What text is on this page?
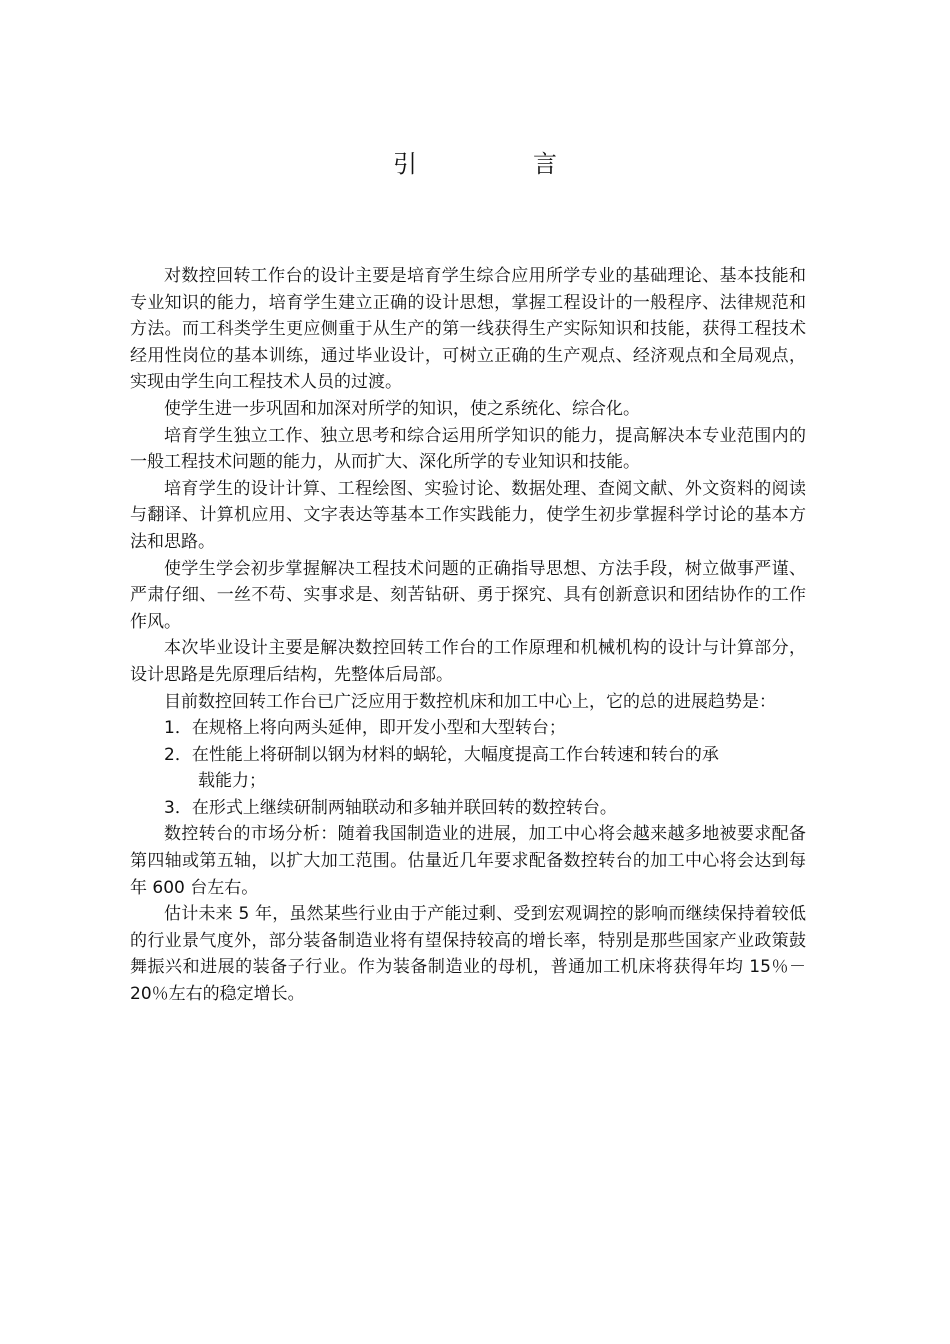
引　言

对数控回转工作台的设计主要是培育学生综合应用所学专业的基础理论、基本技能和专业知识的能力，培育学生建立正确的设计思想，掌握工程设计的一般程序、法律规范和方法。而工科类学生更应侧重于从生产的第一线获得生产实际知识和技能，获得工程技术经用性岗位的基本训练，通过毕业设计，可树立正确的生产观点、经济观点和全局观点，实现由学生向工程技术人员的过渡。

使学生进一步巩固和加深对所学的知识，使之系统化、综合化。

培育学生独立工作、独立思考和综合运用所学知识的能力，提高解决本专业范围内的一般工程技术问题的能力，从而扩大、深化所学的专业知识和技能。

培育学生的设计计算、工程绘图、实验讨论、数据处理、查阅文献、外文资料的阅读与翻译、计算机应用、文字表达等基本工作实践能力，使学生初步掌握科学讨论的基本方法和思路。

使学生学会初步掌握解决工程技术问题的正确指导思想、方法手段，树立做事严谨、严肃仔细、一丝不苟、实事求是、刻苦钻研、勇于探究、具有创新意识和团结协作的工作作风。

本次毕业设计主要是解决数控回转工作台的工作原理和机械机构的设计与计算部分，设计思路是先原理后结构，先整体后局部。

目前数控回转工作台已广泛应用于数控机床和加工中心上，它的总的进展趋势是：

1．在规格上将向两头延伸，即开发小型和大型转台；
2．在性能上将研制以钢为材料的蜗轮，大幅度提高工作台转速和转台的承
载能力；
3．在形式上继续研制两轴联动和多轴并联回转的数控转台。

数控转台的市场分析：随着我国制造业的进展，加工中心将会越来越多地被要求配备第四轴或第五轴，以扩大加工范围。估量近几年要求配备数控转台的加工中心将会达到每年 600 台左右。

估计未来 5 年，虽然某些行业由于产能过剩、受到宏观调控的影响而继续保持着较低的行业景气度外，部分装备制造业将有望保持较高的增长率，特别是那些国家产业政策鼓舞振兴和进展的装备子行业。作为装备制造业的母机，普通加工机床将获得年均 15％－20％左右的稳定增长。
